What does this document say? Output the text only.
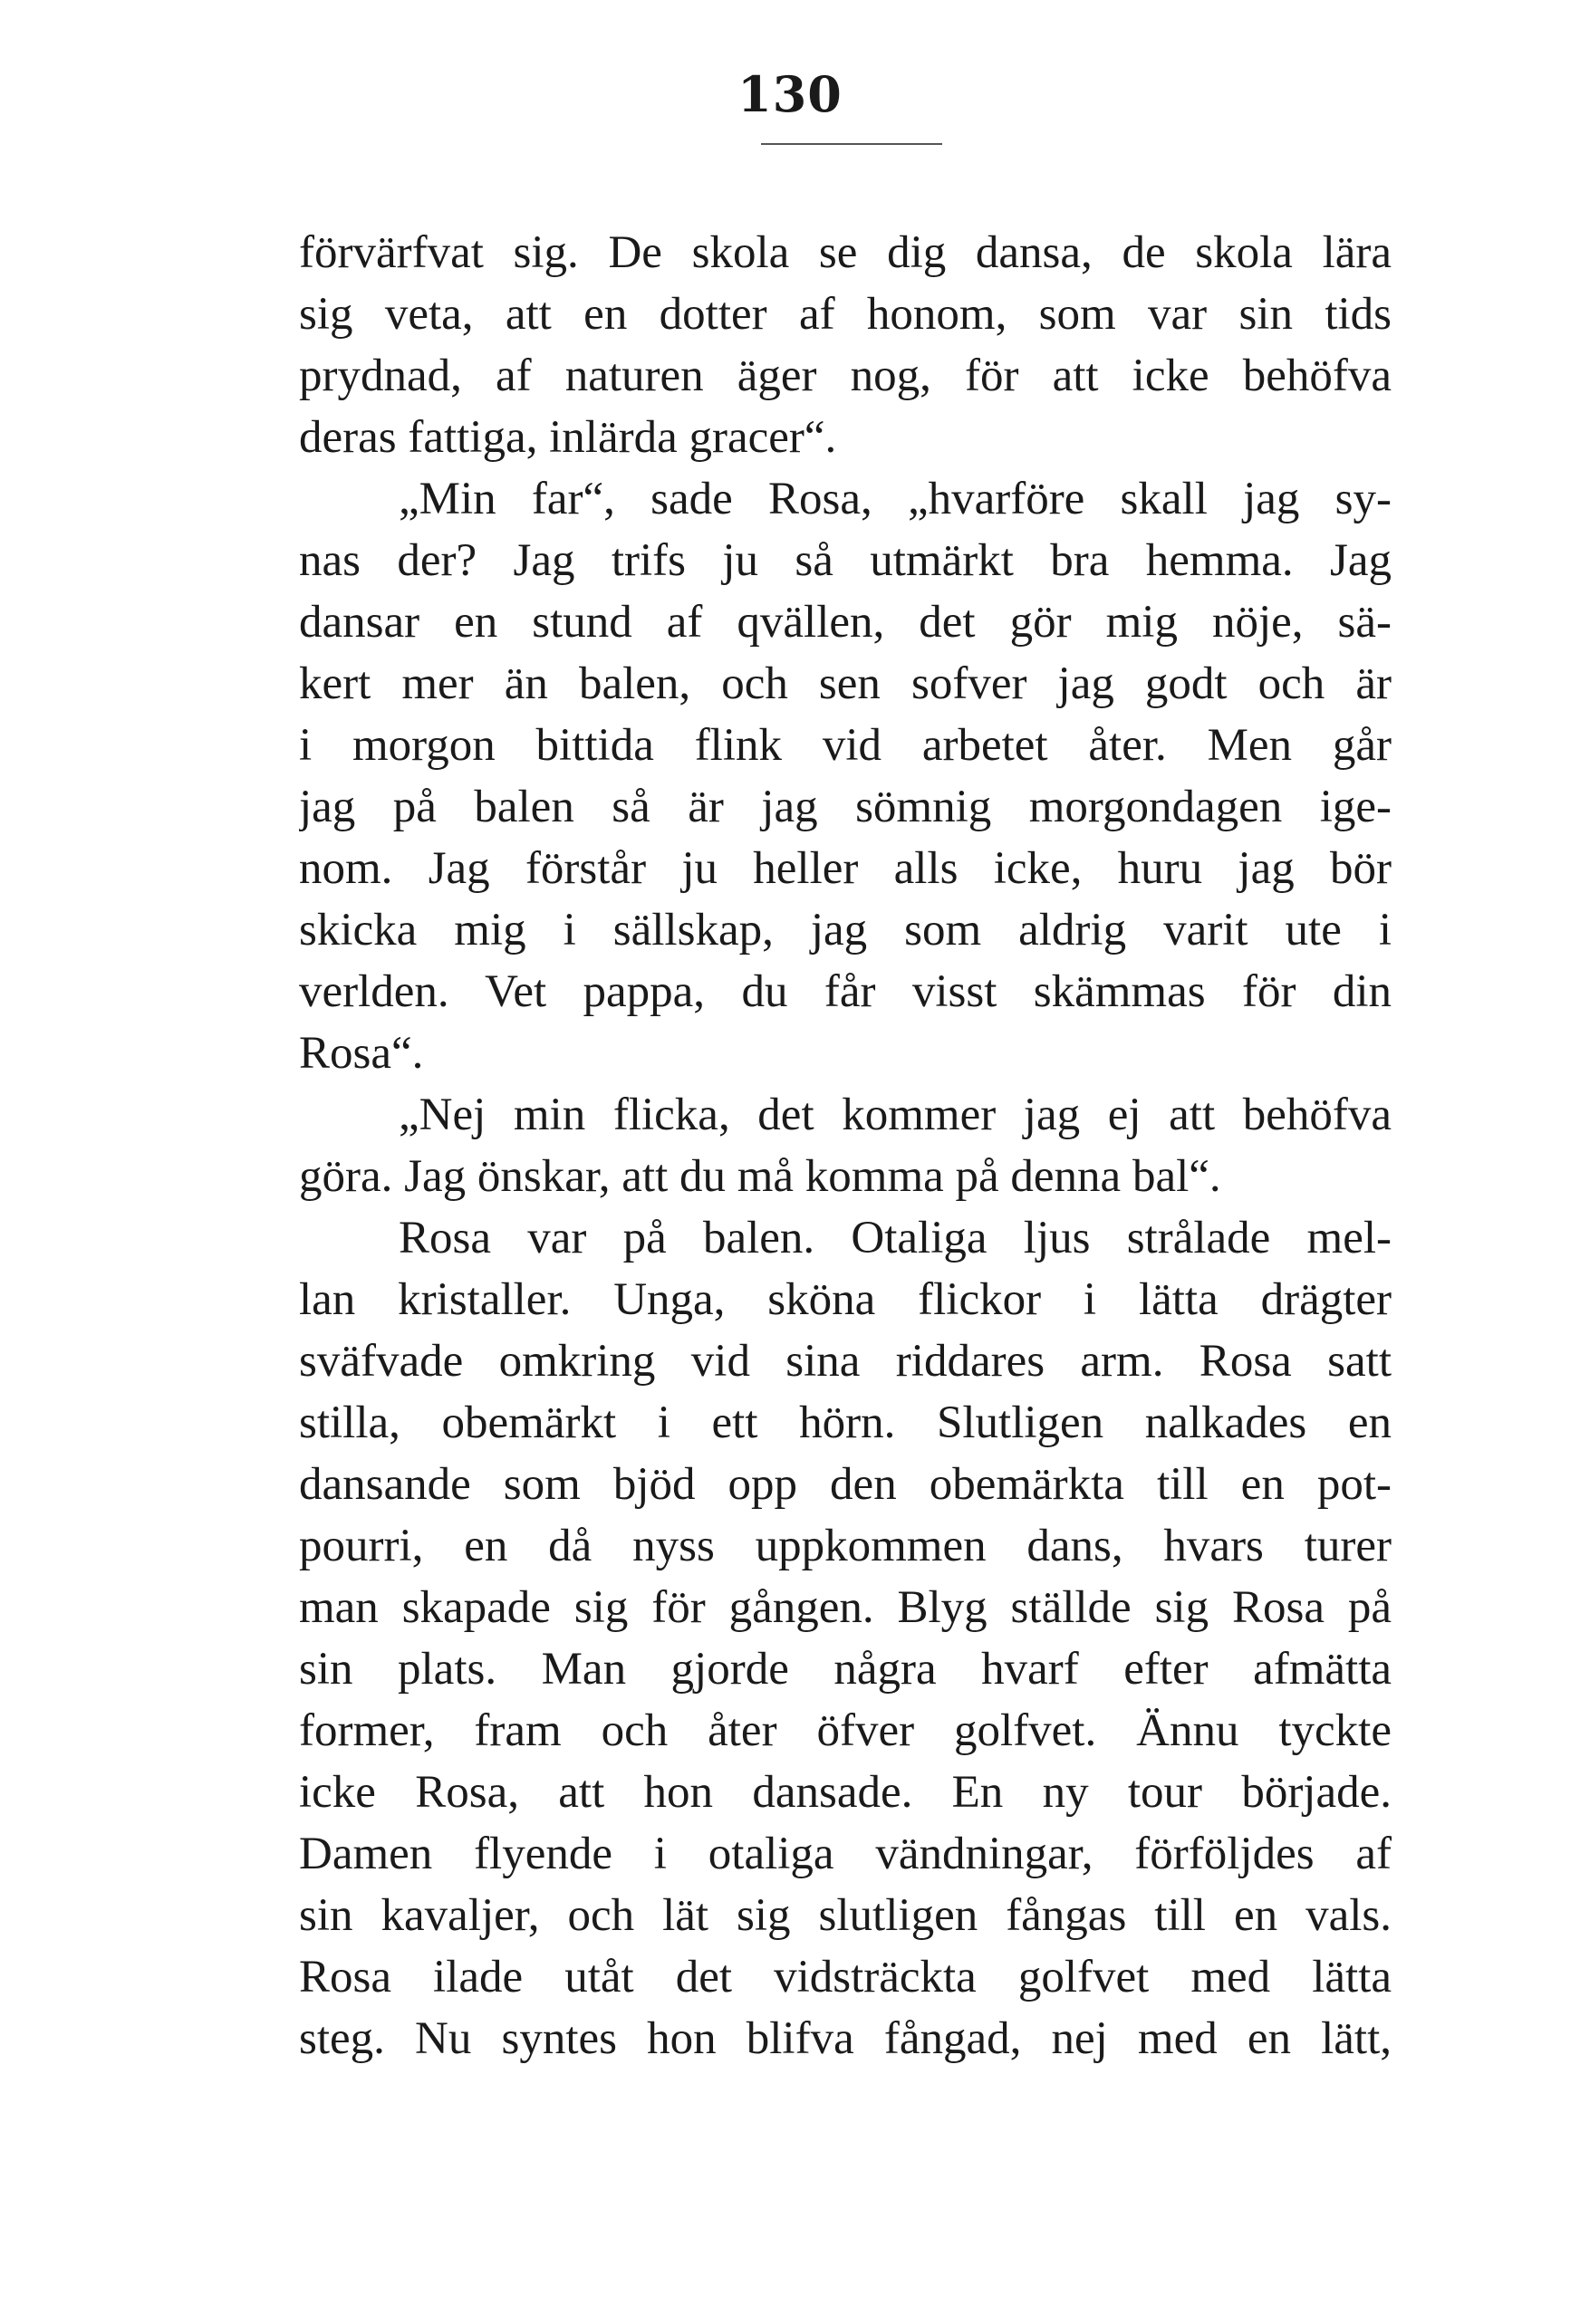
130
förvärfvat sig. De skola se dig dansa, de skola lära
sig veta, att en dotter af honom, som var sin tids
prydnad, af naturen äger nog, för att icke behöfva
deras fattiga, inlärda gracer“.
„Min far“, sade Rosa, „hvarföre skall jag sy-
nas der? Jag trifs ju så utmärkt bra hemma. Jag
dansar en stund af qvällen, det gör mig nöje, sä-
kert mer än balen, och sen sofver jag godt och är
i morgon bittida flink vid arbetet åter. Men går
jag på balen så är jag sömnig morgondagen ige-
nom. Jag förstår ju heller alls icke, huru jag bör
skicka mig i sällskap, jag som aldrig varit ute i
verlden. Vet pappa, du får visst skämmas för din
Rosa“.
„Nej min flicka, det kommer jag ej att behöfva
göra. Jag önskar, att du må komma på denna bal“.
Rosa var på balen. Otaliga ljus strålade mel-
lan kristaller. Unga, sköna flickor i lätta drägter
sväfvade omkring vid sina riddares arm. Rosa satt
stilla, obemärkt i ett hörn. Slutligen nalkades en
dansande som bjöd opp den obemärkta till en pot-
pourri, en då nyss uppkommen dans, hvars turer
man skapade sig för gången. Blyg ställde sig Rosa på
sin plats. Man gjorde några hvarf efter afmätta
former, fram och åter öfver golfvet. Ännu tyckte
icke Rosa, att hon dansade. En ny tour började.
Damen flyende i otaliga vändningar, förföljdes af
sin kavaljer, och lät sig slutligen fångas till en vals.
Rosa ilade utåt det vidsträckta golfvet med lätta
steg. Nu syntes hon blifva fångad, nej med en lätt,
